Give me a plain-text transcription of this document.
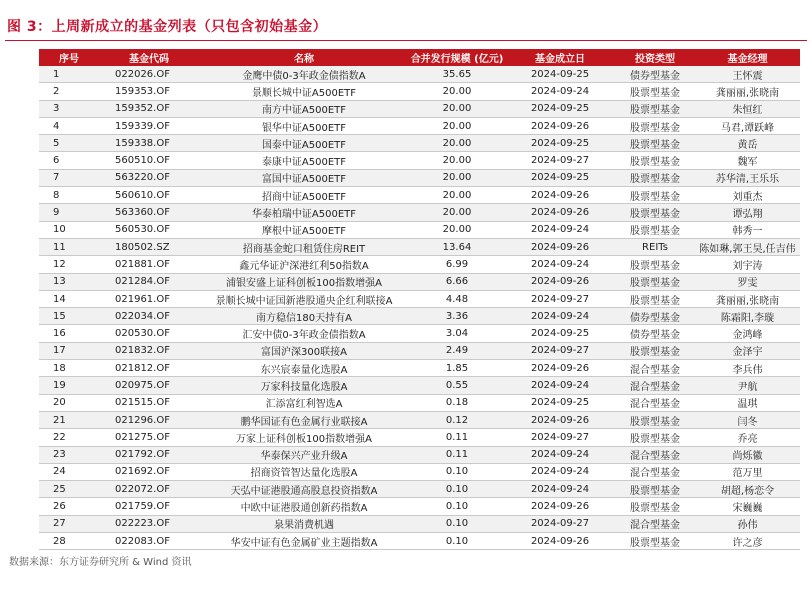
图 3：上周新成立的基金列表（只包含初始基金）
序号	基金代码	名称	合并发行规模 (亿元)	基金成立日	投资类型	基金经理
1	022026.OF	金鹰中债0-3年政金债指数A	35.65	2024-09-25	债券型基金	王怀震
2	159353.OF	景顺长城中证A500ETF	20.00	2024-09-24	股票型基金	龚丽丽,张晓南
3	159352.OF	南方中证A500ETF	20.00	2024-09-25	股票型基金	朱恒红
4	159339.OF	银华中证A500ETF	20.00	2024-09-26	股票型基金	马君,谭跃峰
5	159338.OF	国泰中证A500ETF	20.00	2024-09-25	股票型基金	黄岳
6	560510.OF	泰康中证A500ETF	20.00	2024-09-27	股票型基金	魏军
7	563220.OF	富国中证A500ETF	20.00	2024-09-25	股票型基金	苏华清,王乐乐
8	560610.OF	招商中证A500ETF	20.00	2024-09-26	股票型基金	刘重杰
9	563360.OF	华泰柏瑞中证A500ETF	20.00	2024-09-26	股票型基金	谭弘翔
10	560530.OF	摩根中证A500ETF	20.00	2024-09-24	股票型基金	韩秀一
11	180502.SZ	招商基金蛇口租赁住房REIT	13.64	2024-09-26	REITs	陈如琳,郭王昊,任吉伟
12	021881.OF	鑫元华证沪深港红利50指数A	6.99	2024-09-24	股票型基金	刘宇涛
13	021284.OF	浦银安盛上证科创板100指数增强A	6.66	2024-09-26	股票型基金	罗雯
14	021961.OF	景顺长城中证国新港股通央企红利联接A	4.48	2024-09-27	股票型基金	龚丽丽,张晓南
15	022034.OF	南方稳信180天持有A	3.36	2024-09-24	债券型基金	陈霜阳,李璇
16	020530.OF	汇安中债0-3年政金债指数A	3.04	2024-09-25	债券型基金	金鸿峰
17	021832.OF	富国沪深300联接A	2.49	2024-09-27	股票型基金	金泽宇
18	021812.OF	东兴宸泰量化选股A	1.85	2024-09-26	混合型基金	李兵伟
19	020975.OF	万家科技量化选股A	0.55	2024-09-24	混合型基金	尹航
20	021515.OF	汇添富红利智选A	0.18	2024-09-25	混合型基金	温琪
21	021296.OF	鹏华国证有色金属行业联接A	0.12	2024-09-26	股票型基金	闫冬
22	021275.OF	万家上证科创板100指数增强A	0.11	2024-09-27	股票型基金	乔亮
23	021792.OF	华泰保兴产业升级A	0.11	2024-09-24	混合型基金	尚烁徽
24	021692.OF	招商资管智达量化选股A	0.10	2024-09-24	混合型基金	范万里
25	022072.OF	天弘中证港股通高股息投资指数A	0.10	2024-09-24	股票型基金	胡超,杨恋令
26	021759.OF	中欧中证港股通创新药指数A	0.10	2024-09-26	股票型基金	宋巍巍
27	022223.OF	泉果消费机遇	0.10	2024-09-27	混合型基金	孙伟
28	022083.OF	华安中证有色金属矿业主题指数A	0.10	2024-09-26	股票型基金	许之彦
数据来源：东方证券研究所 & Wind 资讯
